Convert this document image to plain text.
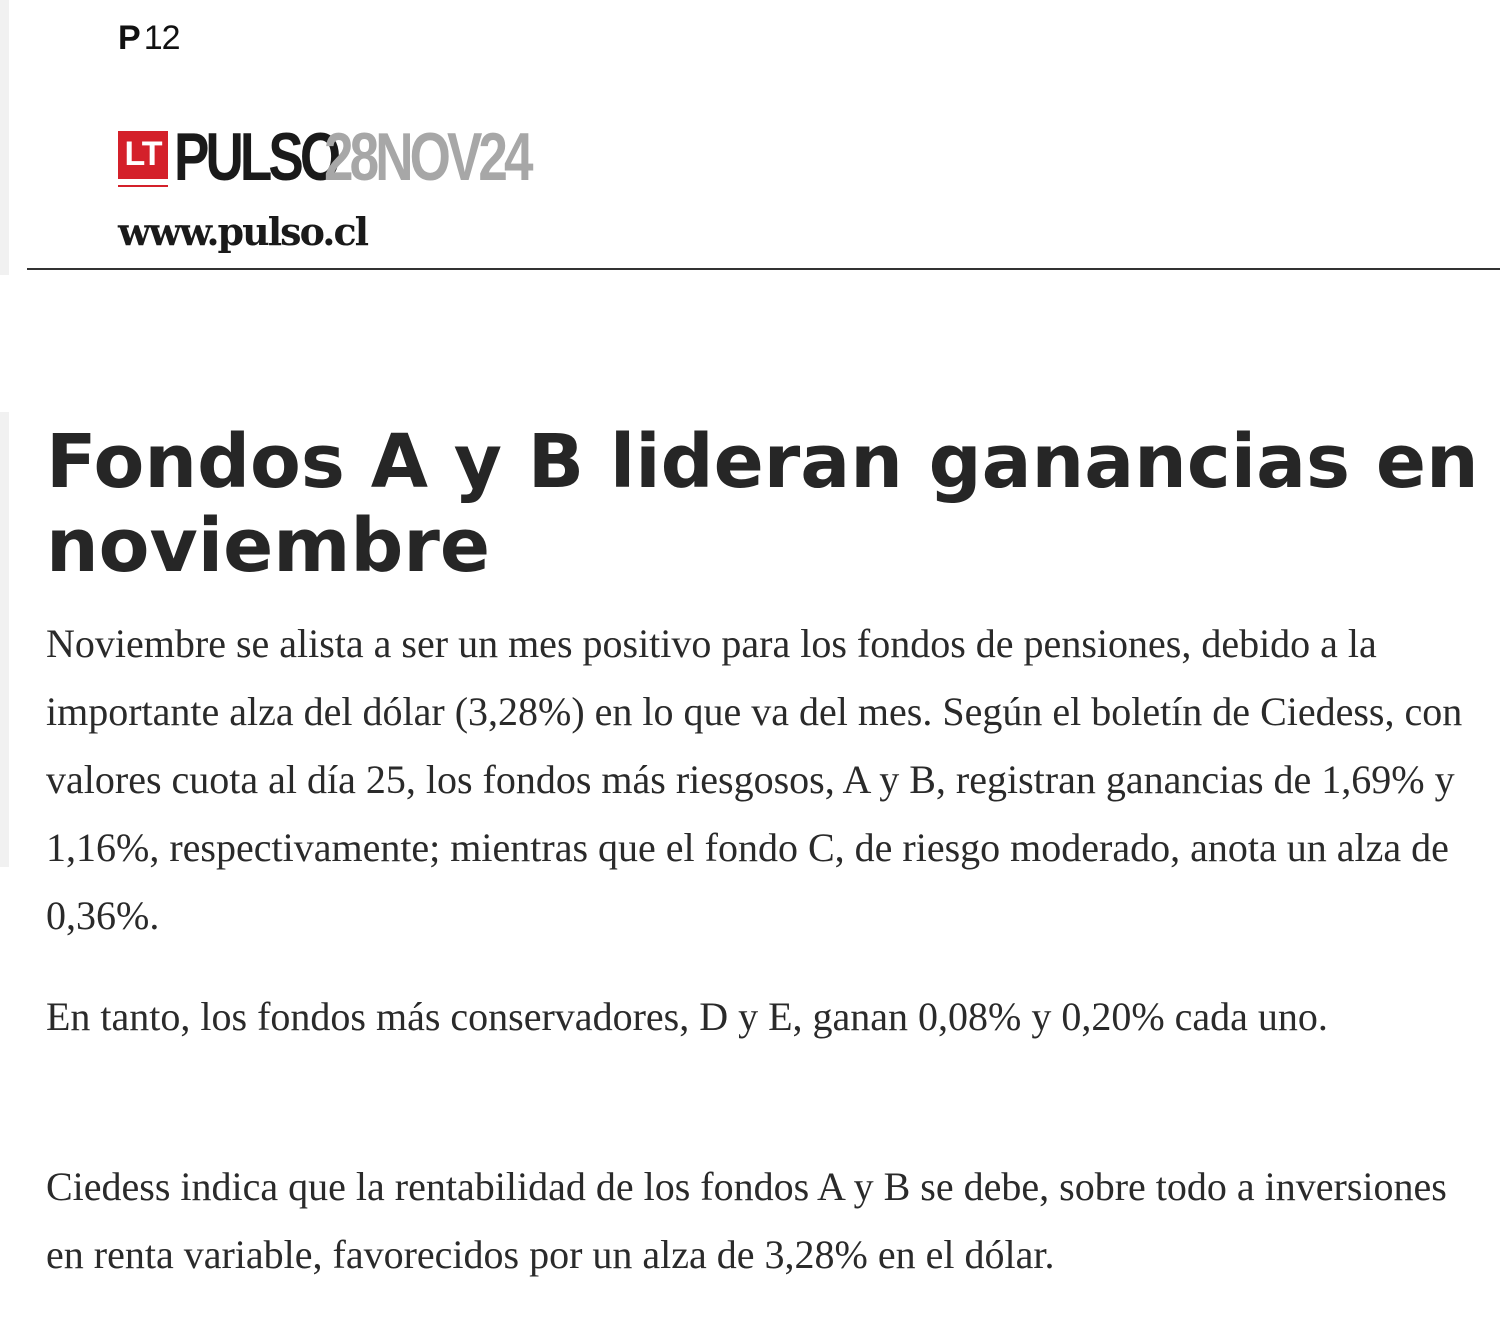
P 12
LT PULSO
28NOV24
www.pulso.cl
Fondos A y B lideran ganancias en noviembre

Noviembre se alista a ser un mes positivo para los fondos de pensiones, debido a la importante alza del dólar (3,28%) en lo que va del mes. Según el boletín de Ciedess, con valores cuota al día 25, los fondos más riesgosos, A y B, registran ganancias de 1,69% y 1,16%, respectivamente; mientras que el fondo C, de riesgo moderado, anota un alza de 0,36%.

En tanto, los fondos más conservadores, D y E, ganan 0,08% y 0,20% cada uno.

Ciedess indica que la rentabilidad de los fondos A y B se debe, sobre todo a inversiones en renta variable, favorecidos por un alza de 3,28% en el dólar.
